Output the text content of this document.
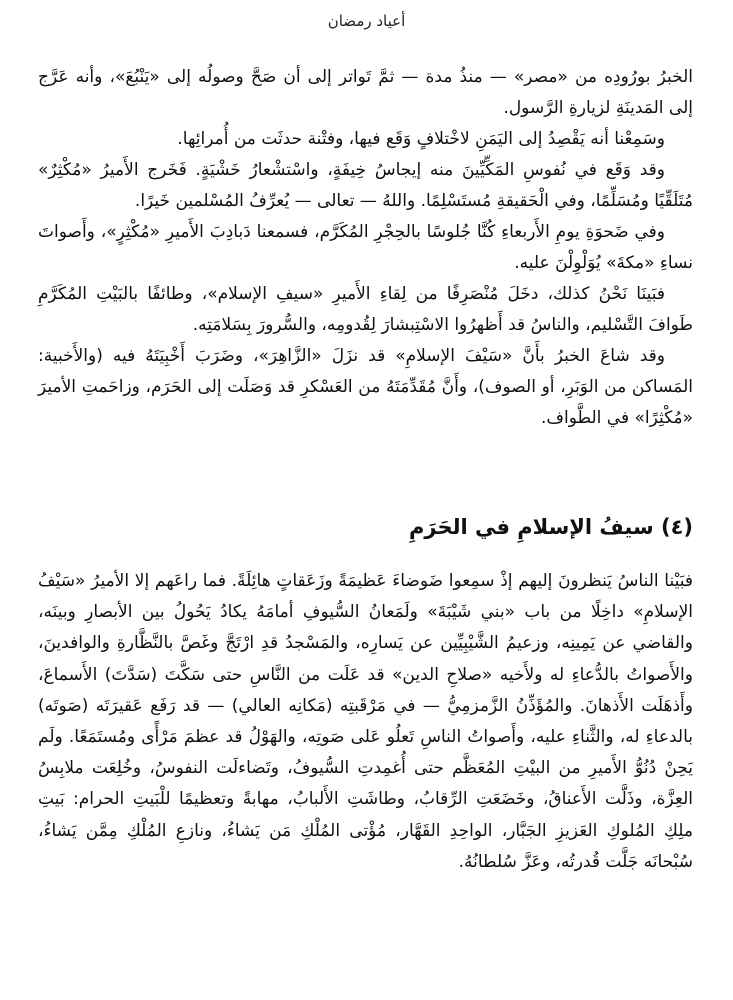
أعياد رمضان

الخبرُ بورُودِه من «مصر» — منذُ مدة — ثمَّ تَواتر إلى أن صَحَّ وصولُه إلى «يَنْبُعَ»، وأنه عَرَّج إلى المَدينَةِ لزيارةِ الرَّسول.

وسَمِعْنا أنه يَقْصِدُ إلى اليَمَنِ لاخْتلافٍ وَقَع فيها، وفتْنة حدثَت من أُمرائِها.

وقد وَقَع في نُفوسِ المَكِّيِّينَ منه إيجاسُ خِيفَةٍ، واسْتشْعارُ خَشْيَةٍ. فَخَرج الأَميرُ «مُكْثِرٌ» مُتَلَقِّيًا ومُسَلِّمًا، وفي الْحَقيقةِ مُستَسْلِمًا. واللهُ — تعالى — يُعرِّفُ المُسْلمين خَيرًا.

وفي ضَحوَةِ يومِ الأَربعاءِ كُنَّا جُلوسًا بالحِجْرِ المُكَرَّم، فسمعنا دَبادِبَ الأَميرِ «مُكْثِرٍ»، وأَصواتَ نساءِ «مكةَ» يُوَلْوِلْنَ عليه.

فبَينَا نَحْنُ كذلك، دخَلَ مُنْصَرِفًا من لِقاءِ الأَميرِ «سيفِ الإسلام»، وطائفًا بالبَيْتِ المُكَرَّمِ طَوافَ التَّسْليم، والناسُ قد أَظهرُوا الاسْتِبشارَ لِقُدومِه، والسُّرورَ بِسَلامَتِه.

وقد شاعَ الخبرُ بأَنَّ «سَيْفَ الإسلامِ» قد نزَلَ «الزَّاهِرَ»، وضَرَبَ أَخْبِيَتَهُ فيه (والأَخبية: المَساكن من الوَبَرِ، أو الصوف)، وأَنَّ مُقَدِّمَتَهُ من العَسْكرِ قد وَصَلَت إلى الحَرَم، وزاحَمتِ الأميرَ «مُكْثِرًا» في الطَّواف.

(٤) سيفُ الإسلامِ في الحَرَمِ

فبَيْنا الناسُ يَنظرونَ إليهم إذْ سمِعوا ضَوضاءَ عَظيمَةً وزَعَقاتٍ هائِلَةً. فما راعَهم إلا الأميرُ «سَيْفُ الإسلامِ» داخِلًا من باب «بني شَيْبَةَ» ولَمَعانُ السُّيوفِ أمامَهُ يكادُ يَحُولُ بين الأبصارِ وبينَه، والقاضي عن يَمِينِه، وزعيمُ الشَّيْبِيِّين عن يَسارِه، والمَسْجدُ قدِ ارْتَجَّ وغَصَّ بالنَّظَّارةِ والوافدينَ، والأَصواتُ بالدُّعاءِ له ولأَخيه «صلاحِ الدين» قد عَلَت من النَّاسِ حتى سَكَّتَ (سَدَّتَ) الأَسماعَ، وأَذهَلَت الأَذهانَ. والمُؤَذِّنُ الزَّمزمِيُّ — في مَرْقَبتِه (مَكانِه العالي) — قد رَفَع عَقيرَتَه (صَوتَه) بالدعاءِ له، والثَّناءِ عليه، وأَصواتُ الناسِ تَعلُو عَلى صَوتِه، والهَوْلُ قد عظمَ مَرْأًى ومُستَمَعًا. ولَم يَحِنْ دُنُوُّ الأَميرِ من البيْتِ المُعَظَّم حتى أُغمِدتِ السُّيوفُ، وتَضاءلَت النفوسُ، وخُلِعَت ملابِسُ العِزَّة، وذَلَّت الأَعناقُ، وخَضَعَتِ الرِّقابُ، وطاشَتِ الأَلبابُ، مهابةً وتعظيمًا للْبَيتِ الحرام: بَيتِ ملِكِ المُلوكِ العَزيزِ الجَبَّار، الواحِدِ القَهَّار، مُؤْتى المُلْكِ مَن يَشاءُ، ونازعِ المُلْكِ مِمَّن يَشاءُ، سُبْحانَه جَلَّت قُدرتُه، وعَزَّ سُلطانُهُ.
